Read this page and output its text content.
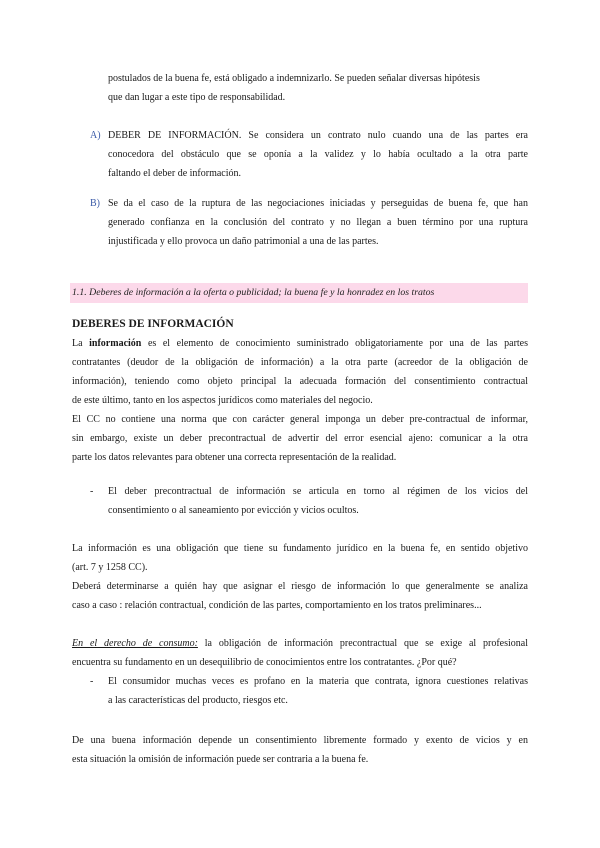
postulados de la buena fe, está obligado a indemnizarlo. Se pueden señalar diversas hipótesis
que dan lugar a este tipo de responsabilidad.
A) DEBER DE INFORMACIÓN. Se considera un contrato nulo cuando una de las partes era
conocedora del obstáculo que se oponía a la validez y lo había ocultado a la otra parte
faltando el deber de información.
B) Se da el caso de la ruptura de las negociaciones iniciadas y perseguidas de buena fe, que han
generado confianza en la conclusión del contrato y no llegan a buen término por una ruptura
injustificada y ello provoca un daño patrimonial a una de las partes.
1.1. Deberes de información a la oferta o publicidad; la buena fe y la honradez en los tratos
DEBERES DE INFORMACIÓN
La información es el elemento de conocimiento suministrado obligatoriamente por una de las partes
contratantes (deudor de la obligación de información) a la otra parte (acreedor de la obligación de
información), teniendo como objeto principal la adecuada formación del consentimiento contractual
de este último, tanto en los aspectos jurídicos como materiales del negocio.
El CC no contiene una norma que con carácter general imponga un deber pre-contractual de informar,
sin embargo, existe un deber precontractual de advertir del error esencial ajeno: comunicar a la otra
parte los datos relevantes para obtener una correcta representación de la realidad.
- El deber precontractual de información se articula en torno al régimen de los vicios del
consentimiento o al saneamiento por evicción y vicios ocultos.
La información es una obligación que tiene su fundamento jurídico en la buena fe, en sentido objetivo
(art. 7 y 1258 CC).
Deberá determinarse a quién hay que asignar el riesgo de información lo que generalmente se analiza
caso a caso : relación contractual, condición de las partes, comportamiento en los tratos preliminares...
En el derecho de consumo: la obligación de información precontractual que se exige al profesional
encuentra su fundamento en un desequilibrio de conocimientos entre los contratantes. ¿Por qué?
- El consumidor muchas veces es profano en la materia que contrata, ignora cuestiones relativas
a las características del producto, riesgos etc.
De una buena información depende un consentimiento libremente formado y exento de vicios y en
esta situación la omisión de información puede ser contraria a la buena fe.
